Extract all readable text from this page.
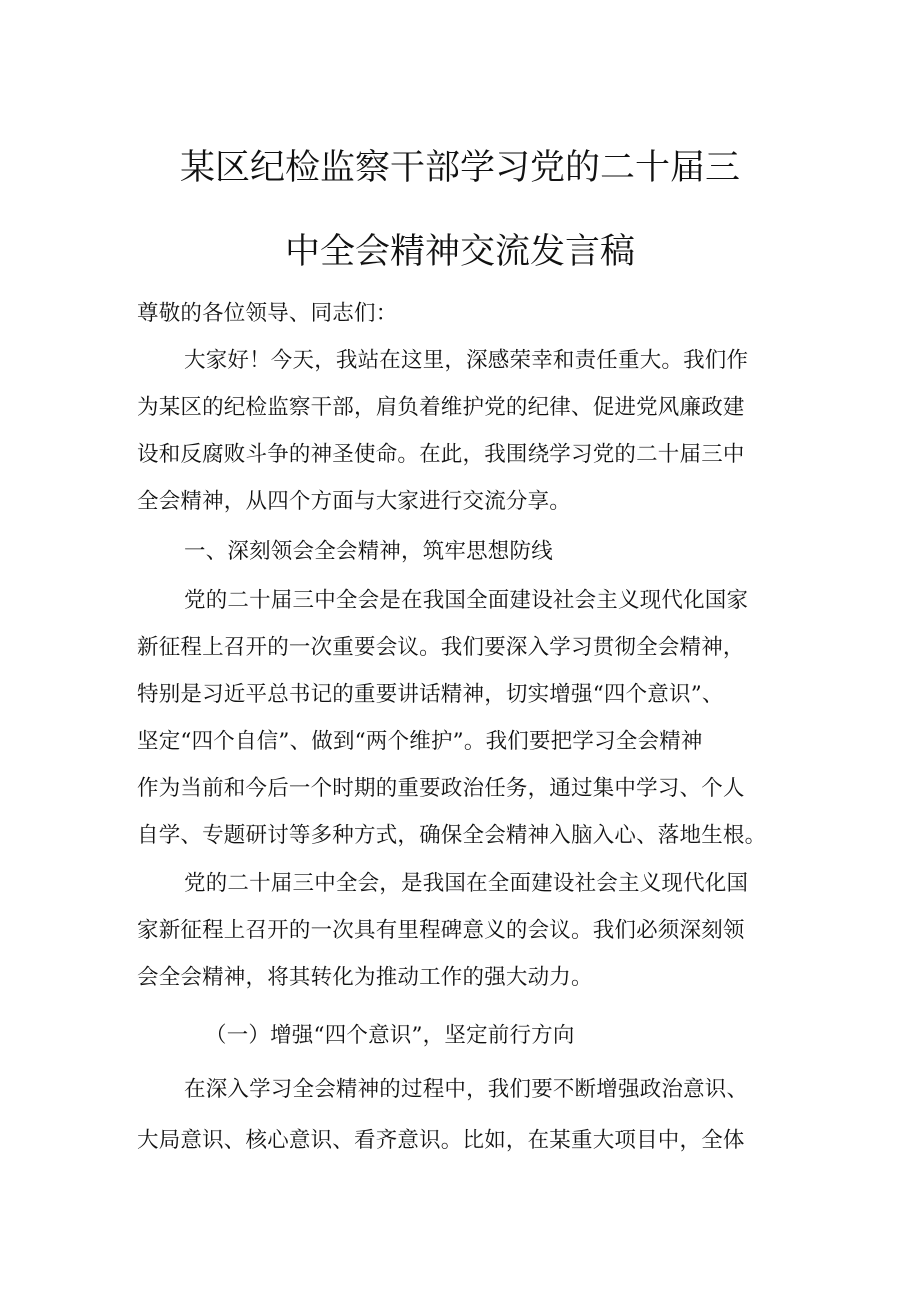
某区纪检监察干部学习党的二十届三
中全会精神交流发言稿
尊敬的各位领导、同志们：
大家好！今天，我站在这里，深感荣幸和责任重大。我们作
为某区的纪检监察干部，肩负着维护党的纪律、促进党风廉政建
设和反腐败斗争的神圣使命。在此，我围绕学习党的二十届三中
全会精神，从四个方面与大家进行交流分享。
一、深刻领会全会精神，筑牢思想防线
党的二十届三中全会是在我国全面建设社会主义现代化国家
新征程上召开的一次重要会议。我们要深入学习贯彻全会精神，
特别是习近平总书记的重要讲话精神，切实增强“四个意识”、
坚定“四个自信”、做到“两个维护”。我们要把学习全会精神
作为当前和今后一个时期的重要政治任务，通过集中学习、个人
自学、专题研讨等多种方式，确保全会精神入脑入心、落地生根。
党的二十届三中全会，是我国在全面建设社会主义现代化国
家新征程上召开的一次具有里程碑意义的会议。我们必须深刻领
会全会精神，将其转化为推动工作的强大动力。
（一）增强“四个意识”，坚定前行方向
在深入学习全会精神的过程中，我们要不断增强政治意识、
大局意识、核心意识、看齐意识。比如，在某重大项目中，全体
